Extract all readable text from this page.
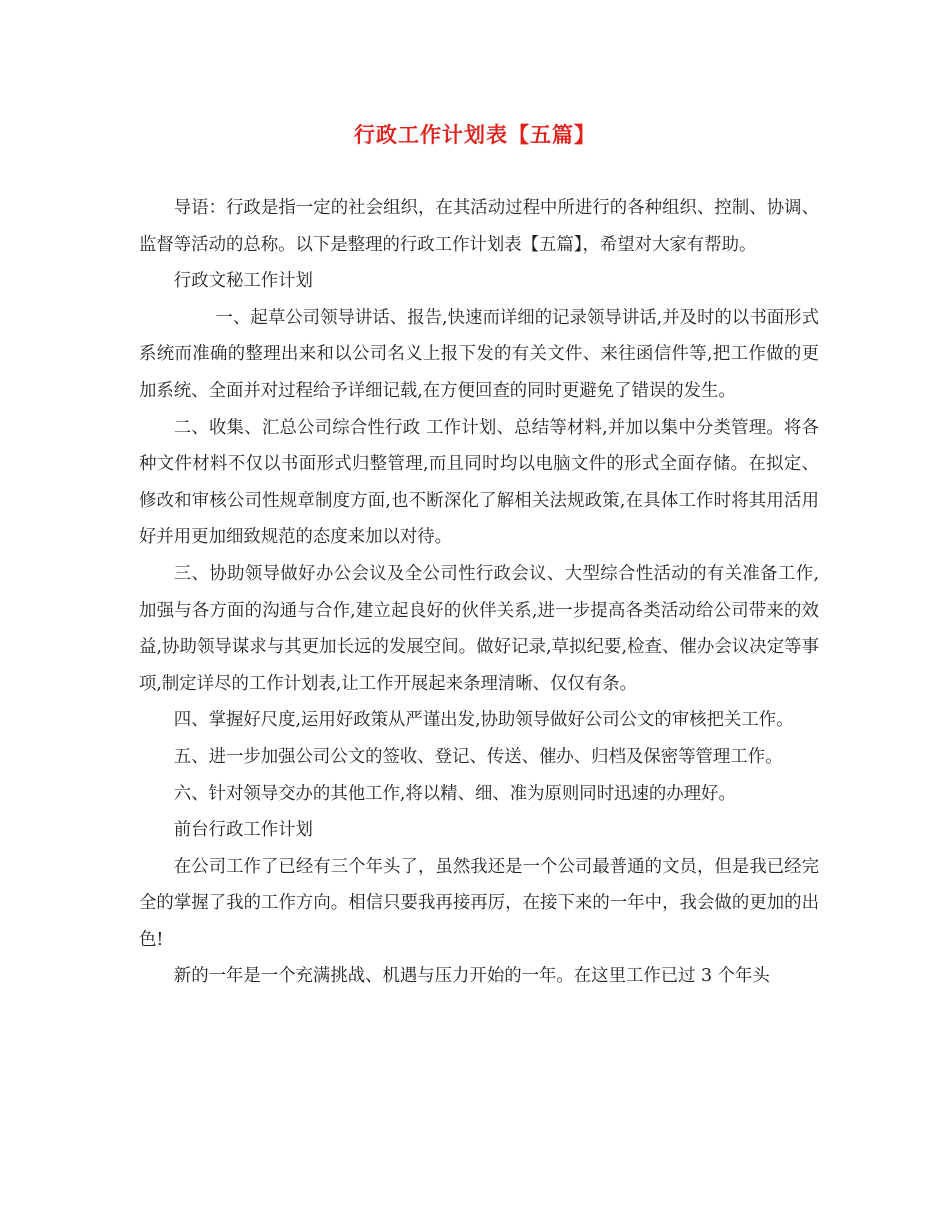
行政工作计划表【五篇】

导语：行政是指一定的社会组织，在其活动过程中所进行的各种组织、控制、协调、监督等活动的总称。以下是整理的行政工作计划表【五篇】，希望对大家有帮助。

行政文秘工作计划

一、起草公司领导讲话、报告,快速而详细的记录领导讲话,并及时的以书面形式系统而准确的整理出来和以公司名义上报下发的有关文件、来往函信件等,把工作做的更加系统、全面并对过程给予详细记载,在方便回查的同时更避免了错误的发生。

二、收集、汇总公司综合性行政 工作计划、总结等材料,并加以集中分类管理。将各种文件材料不仅以书面形式归整管理,而且同时均以电脑文件的形式全面存储。在拟定、修改和审核公司性规章制度方面,也不断深化了解相关法规政策,在具体工作时将其用活用好并用更加细致规范的态度来加以对待。

三、协助领导做好办公会议及全公司性行政会议、大型综合性活动的有关准备工作,加强与各方面的沟通与合作,建立起良好的伙伴关系,进一步提高各类活动给公司带来的效益,协助领导谋求与其更加长远的发展空间。做好记录,草拟纪要,检查、催办会议决定等事项,制定详尽的工作计划表,让工作开展起来条理清晰、仅仅有条。

四、掌握好尺度,运用好政策从严谨出发,协助领导做好公司公文的审核把关工作。

五、进一步加强公司公文的签收、登记、传送、催办、归档及保密等管理工作。

六、针对领导交办的其他工作,将以精、细、准为原则同时迅速的办理好。

前台行政工作计划

在公司工作了已经有三个年头了，虽然我还是一个公司最普通的文员，但是我已经完全的掌握了我的工作方向。相信只要我再接再厉，在接下来的一年中，我会做的更加的出色!

新的一年是一个充满挑战、机遇与压力开始的一年。在这里工作已过 3 个年头
